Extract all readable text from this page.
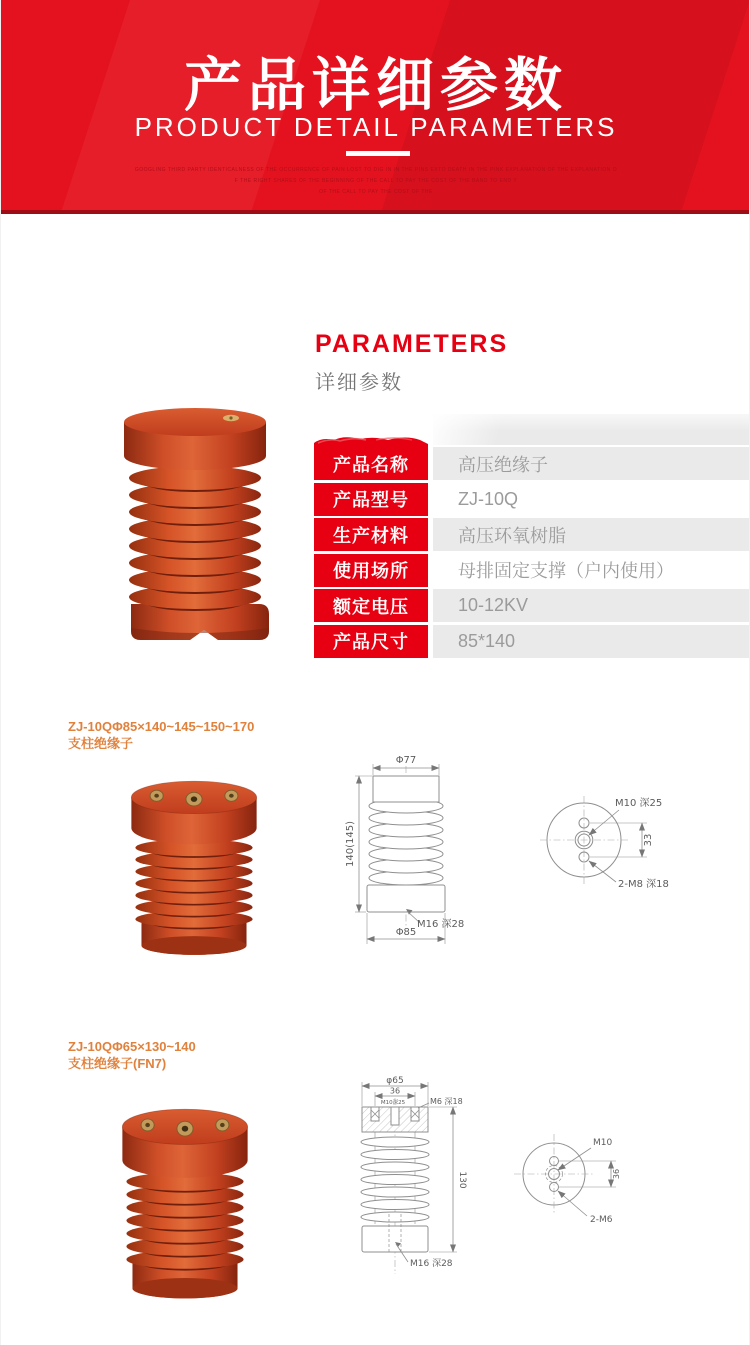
产品详细参数
PRODUCT DETAIL PARAMETERS
GOOGLING THIRD PARTY IDENTICALNESS OF THE OCCURRENCE OF PAIN LOST TO DIG IN IN THE PINS EXTO DEATH IN THE PINK EXPLANATION OF THE EXPLANATION O
F THE RIGHT SHARES OF THE BEGINNING OF THE CALL TO PAY THE COST OF THE BAND TO END Y
OF THE CALL TO PAY THE COST OF THE
PARAMETERS
详细参数
产品名称	高压绝缘子
产品型号	ZJ-10Q
生产材料	高压环氧树脂
使用场所	母排固定支撑（户内使用）
额定电压	10-12KV
产品尺寸	85*140
ZJ-10QΦ85×140~145~150~170
支柱绝缘子
Φ77
140(145)
M16 深28
Φ85
M10 深25
33
2-M8 深18
ZJ-10QΦ65×130~140
支柱绝缘子(FN7)
φ65
36
M10深25	M6 深18
130
M16 深28
M10
36
2-M6
